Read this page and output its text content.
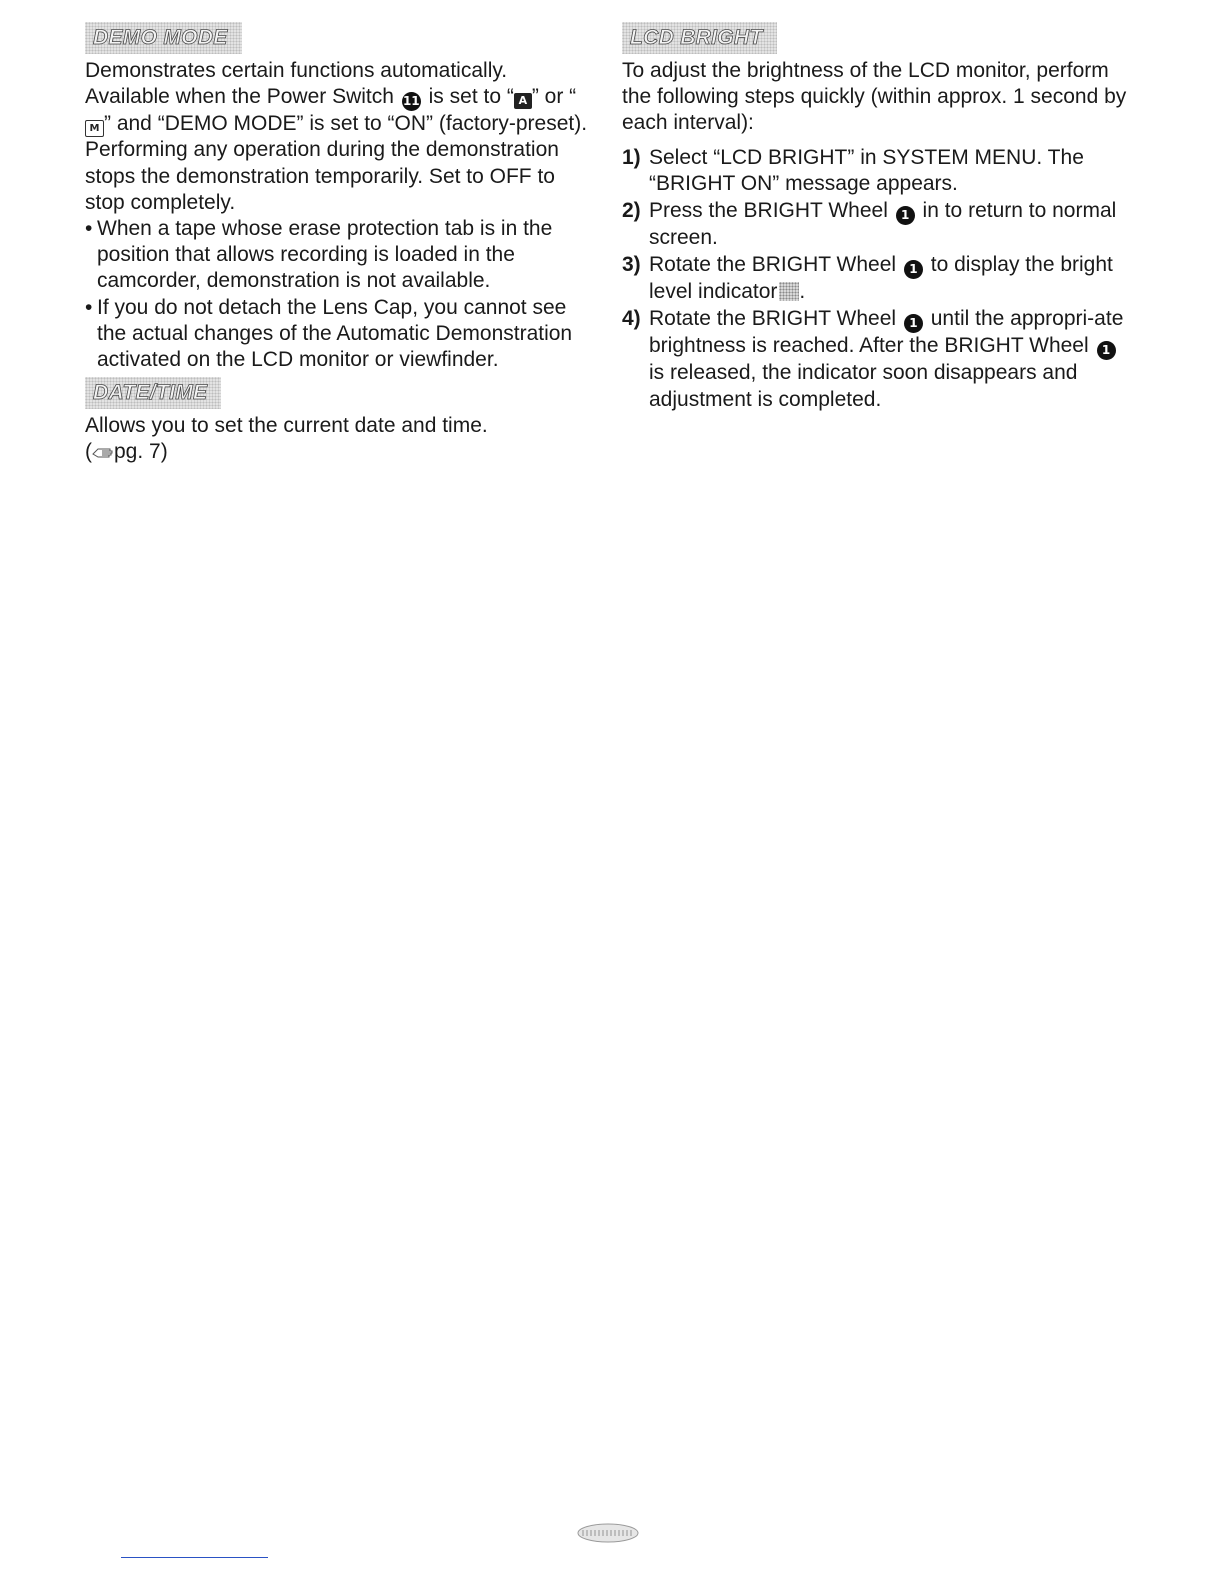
DEMO MODE

Demonstrates certain functions automatically.
Available when the Power Switch 11 is set to “ A ” or “M ” and “DEMO MODE” is set to “ON” (factory-preset). Performing any operation during the demonstration stops the demonstration temporarily. Set to OFF to stop completely.

• When a tape whose erase protection tab is in the position that allows recording is loaded in the camcorder, demonstration is not available.
• If you do not detach the Lens Cap, you cannot see the actual changes of the Automatic Demonstration activated on the LCD monitor or viewfinder.
DATE/TIME

Allows you to set the current date and time.
( pg. 7)

LCD BRIGHT

To adjust the brightness of the LCD monitor, perform the following steps quickly (within approx. 1 second by each interval):

1) Select “LCD BRIGHT” in SYSTEM MENU. The “BRIGHT ON” message appears.
2) Press the BRIGHT Wheel 1 in to return to normal screen.
3) Rotate the BRIGHT Wheel 1 to display the bright level indicator .
4) Rotate the BRIGHT Wheel 1 until the appropri-ate brightness is reached. After the BRIGHT Wheel 1 is released, the indicator soon disappears and adjustment is completed.
